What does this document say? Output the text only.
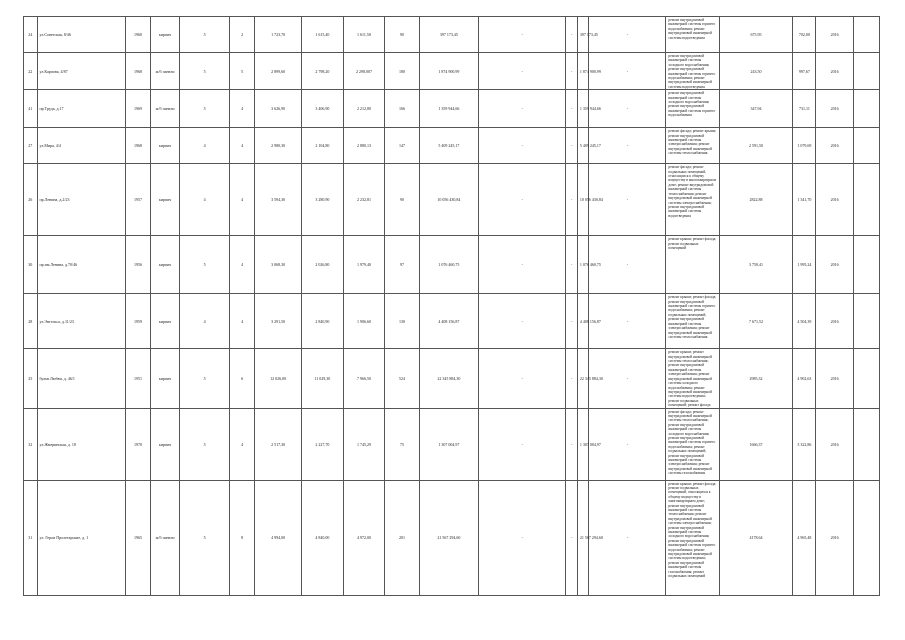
24	ул.Советская, 8/46	1960	кирпич	5	2	1 723,70	1 615,40	1 611,50	90	397 173,45	-	-	397 173,45	-	ремонт внутридомовой инженерной системы горячего водоснабжения; ремонт внутридомовой инженерной системы водоотведения	675,95	702,00	2016	
22	ул.Карпова, 4/87	1968	ж/б панели	5	5	2 899,60	2 798,20	2 298,007	180	1 874 900,99	-	-	1 874 900,99	-	ремонт внутридомовой инженерной системы холодного водоснабжения; ремонт внутридомовой инженерной системы горячего водоснабжения; ремонт внутридомовой инженерной системы водоотведения	243,50	997,67	2016	
41	пр.Труда, д.17	1969	ж/б панели	5	4	3 626,90	3 406,90	2 212,80	166	1 359 944,66	-	-	1 359 944,66	-	ремонт внутридомовой инженерной системы холодного водоснабжения; ремонт внутридомовой инженерной системы горячего водоснабжения	347,94	731,11	2016	
27	ул.Мира, 4/4	1968	кирпич	4	4	2 980,30	2 104,80	2 880,13	147	5 409 245,17	-	-	5 409 245,17	-	ремонт фасада; ремонт крыши; ремонт внутридомовой инженерной системы электроснабжения; ремонт внутридомовой инженерной системы теплоснабжения	2 591,50	1 079,69	2016	
26	пр.Ленина, д.2/23	1957	кирпич	4	4	3 594,30	3 280,90	2 232,81	90	10 056 430,84	-	-	10 056 430,84	-	ремонт фасада; ремонт подвальных помещений, относящихся к общему имуществу в многоквартирном доме; ремонт внутридомовой инженерной системы теплоснабжения; ремонт внутридомовой инженерной системы электроснабжения; ремонт внутридомовой инженерной системы водоотведения	2822,88	1 341,70	2016	
30	пр.им.Ленина, д.70/46	1956	кирпич	5	4	3 068,30	2 026,80	1 979,40	97	1 076 460,75	-	-	1 076 460,75	-	ремонт крыши; ремонт фасада; ремонт подвальных помещений	3 750,41	1 995,24	2016	
28	ул.Энгельса, д.11/23	1959	кирпич	4	4	3 291,50	2 840,90	1 906,60	130	4 408 156,87	-	-	4 408 156,87	-	ремонт крыши; ремонт фасада; ремонт внутридомовой инженерной системы горячего водоснабжения; ремонт подвальных помещений; ремонт внутридомовой инженерной системы электроснабжения; ремонт внутридомовой инженерной системы теплоснабжения	7 671,52	4 504,39	2016	
25	бульв.Любви, д. 46/1	1951	кирпич	5	6	12 026,00	11 029,30	7 966,50	524	22 345 884,30	-	-	22 345 884,30	-	ремонт крыши; ремонт внутридомовой инженерной системы теплоснабжения; ремонт внутридомовой инженерной системы электроснабжения; ремонт внутридомовой инженерной системы холодного водоснабжения; ремонт внутридомовой инженерной системы водоотведения; ремонт подвальных помещений; ремонт фасада	2985,32	4 902,63	2016	
32	ул.Жмеринская, д. 18	1970	кирпич	5	4	2 517,30	2 227,70	1 745,29	75	1 307 004,97	-	-	1 307 004,97	-	ремонт фасада; ремонт внутридомовой инженерной системы теплоснабжения; ремонт внутридомовой инженерной системы холодного водоснабжения; ремонт внутридомовой инженерной системы горячего водоснабжения; ремонт подвальных помещений; ремонт внутридомовой инженерной системы электроснабжения; ремонт внутридомовой инженерной системы газоснабжения	1666,37	3 322,86	2016	
31	ул. Герои Пролетарские, д. 1	1965	ж/б панели	5	8	4 994,00	4 840,00	4 972,00	201	21 567 294,60	-	-	21 567 294,60	-	ремонт крыши; ремонт фасада; ремонт подвальных помещений, относящихся к общему имуществу в многоквартирном доме; ремонт внутридомовой инженерной системы теплоснабжения; ремонт внутридомовой инженерной системы электроснабжения; ремонт внутридомовой инженерной системы холодного водоснабжения; ремонт внутридомовой инженерной системы горячего водоснабжения; ремонт внутридомовой инженерной системы водоотведения; ремонт внутридомовой инженерной системы газоснабжения; ремонт подвальных помещений	4178,64	4 965,48	2016	
